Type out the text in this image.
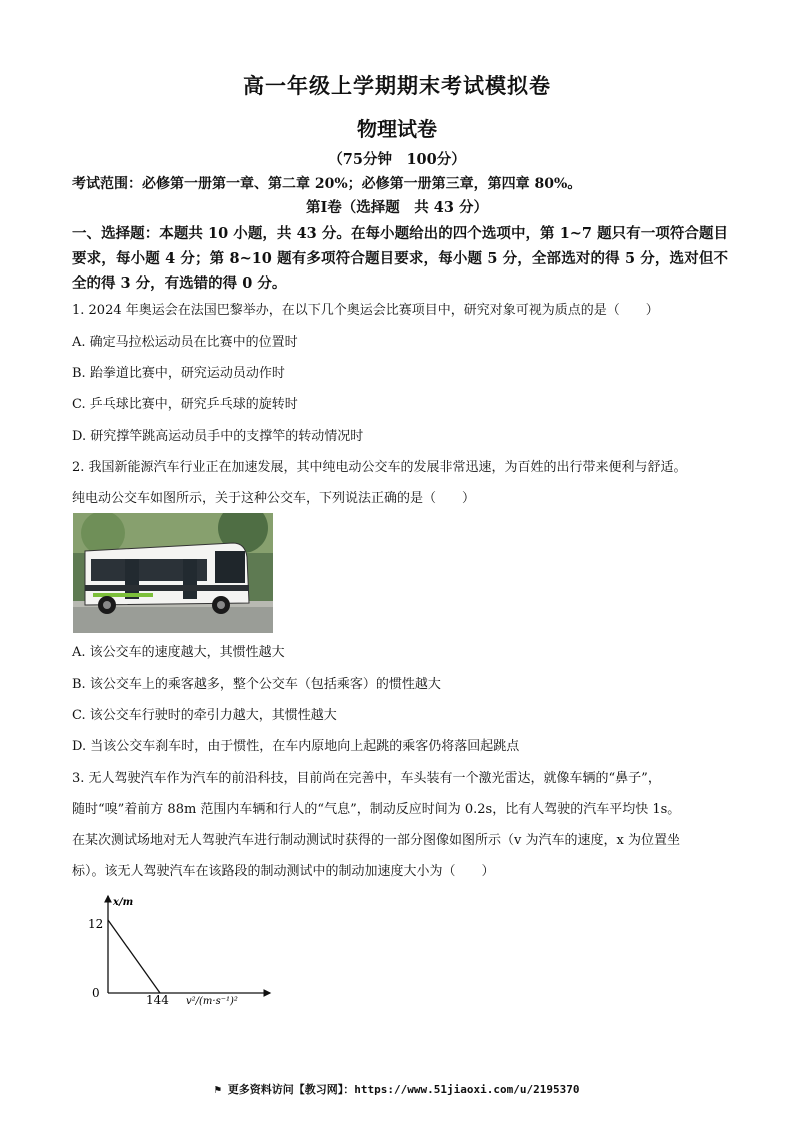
高一年级上学期期末考试模拟卷
物理试卷
（75分钟　100分）
考试范围：必修第一册第一章、第二章 20%；必修第一册第三章，第四章 80%。
第Ⅰ卷（选择题　共 43 分）
一、选择题：本题共 10 小题，共 43 分。在每小题给出的四个选项中，第 1~7 题只有一项符合题目要求，每小题 4 分；第 8~10 题有多项符合题目要求，每小题 5 分，全部选对的得 5 分，选对但不全的得 3 分，有选错的得 0 分。
1. 2024 年奥运会在法国巴黎举办，在以下几个奥运会比赛项目中，研究对象可视为质点的是（　　）
A. 确定马拉松运动员在比赛中的位置时
B. 跆拳道比赛中，研究运动员动作时
C. 乒乓球比赛中，研究乒乓球的旋转时
D. 研究撑竿跳高运动员手中的支撑竿的转动情况时
2. 我国新能源汽车行业正在加速发展，其中纯电动公交车的发展非常迅速，为百姓的出行带来便利与舒适。
纯电动公交车如图所示，关于这种公交车，下列说法正确的是（　　）
A. 该公交车的速度越大，其惯性越大
B. 该公交车上的乘客越多，整个公交车（包括乘客）的惯性越大
C. 该公交车行驶时的牵引力越大，其惯性越大
D. 当该公交车刹车时，由于惯性，在车内原地向上起跳的乘客仍将落回起跳点
3. 无人驾驶汽车作为汽车的前沿科技，目前尚在完善中，车头装有一个激光雷达，就像车辆的“鼻子”，
随时“嗅”着前方 88m 范围内车辆和行人的“气息”，制动反应时间为 0.2s，比有人驾驶的汽车平均快 1s。
在某次测试场地对无人驾驶汽车进行制动测试时获得的一部分图像如图所示（v 为汽车的速度，x 为位置坐
标）。该无人驾驶汽车在该路段的制动测试中的制动加速度大小为（　　）
x/m
12
0	144 v²/(m·s⁻¹)²
⚑ 更多资料访问【教习网】：https://www.51jiaoxi.com/u/2195370
